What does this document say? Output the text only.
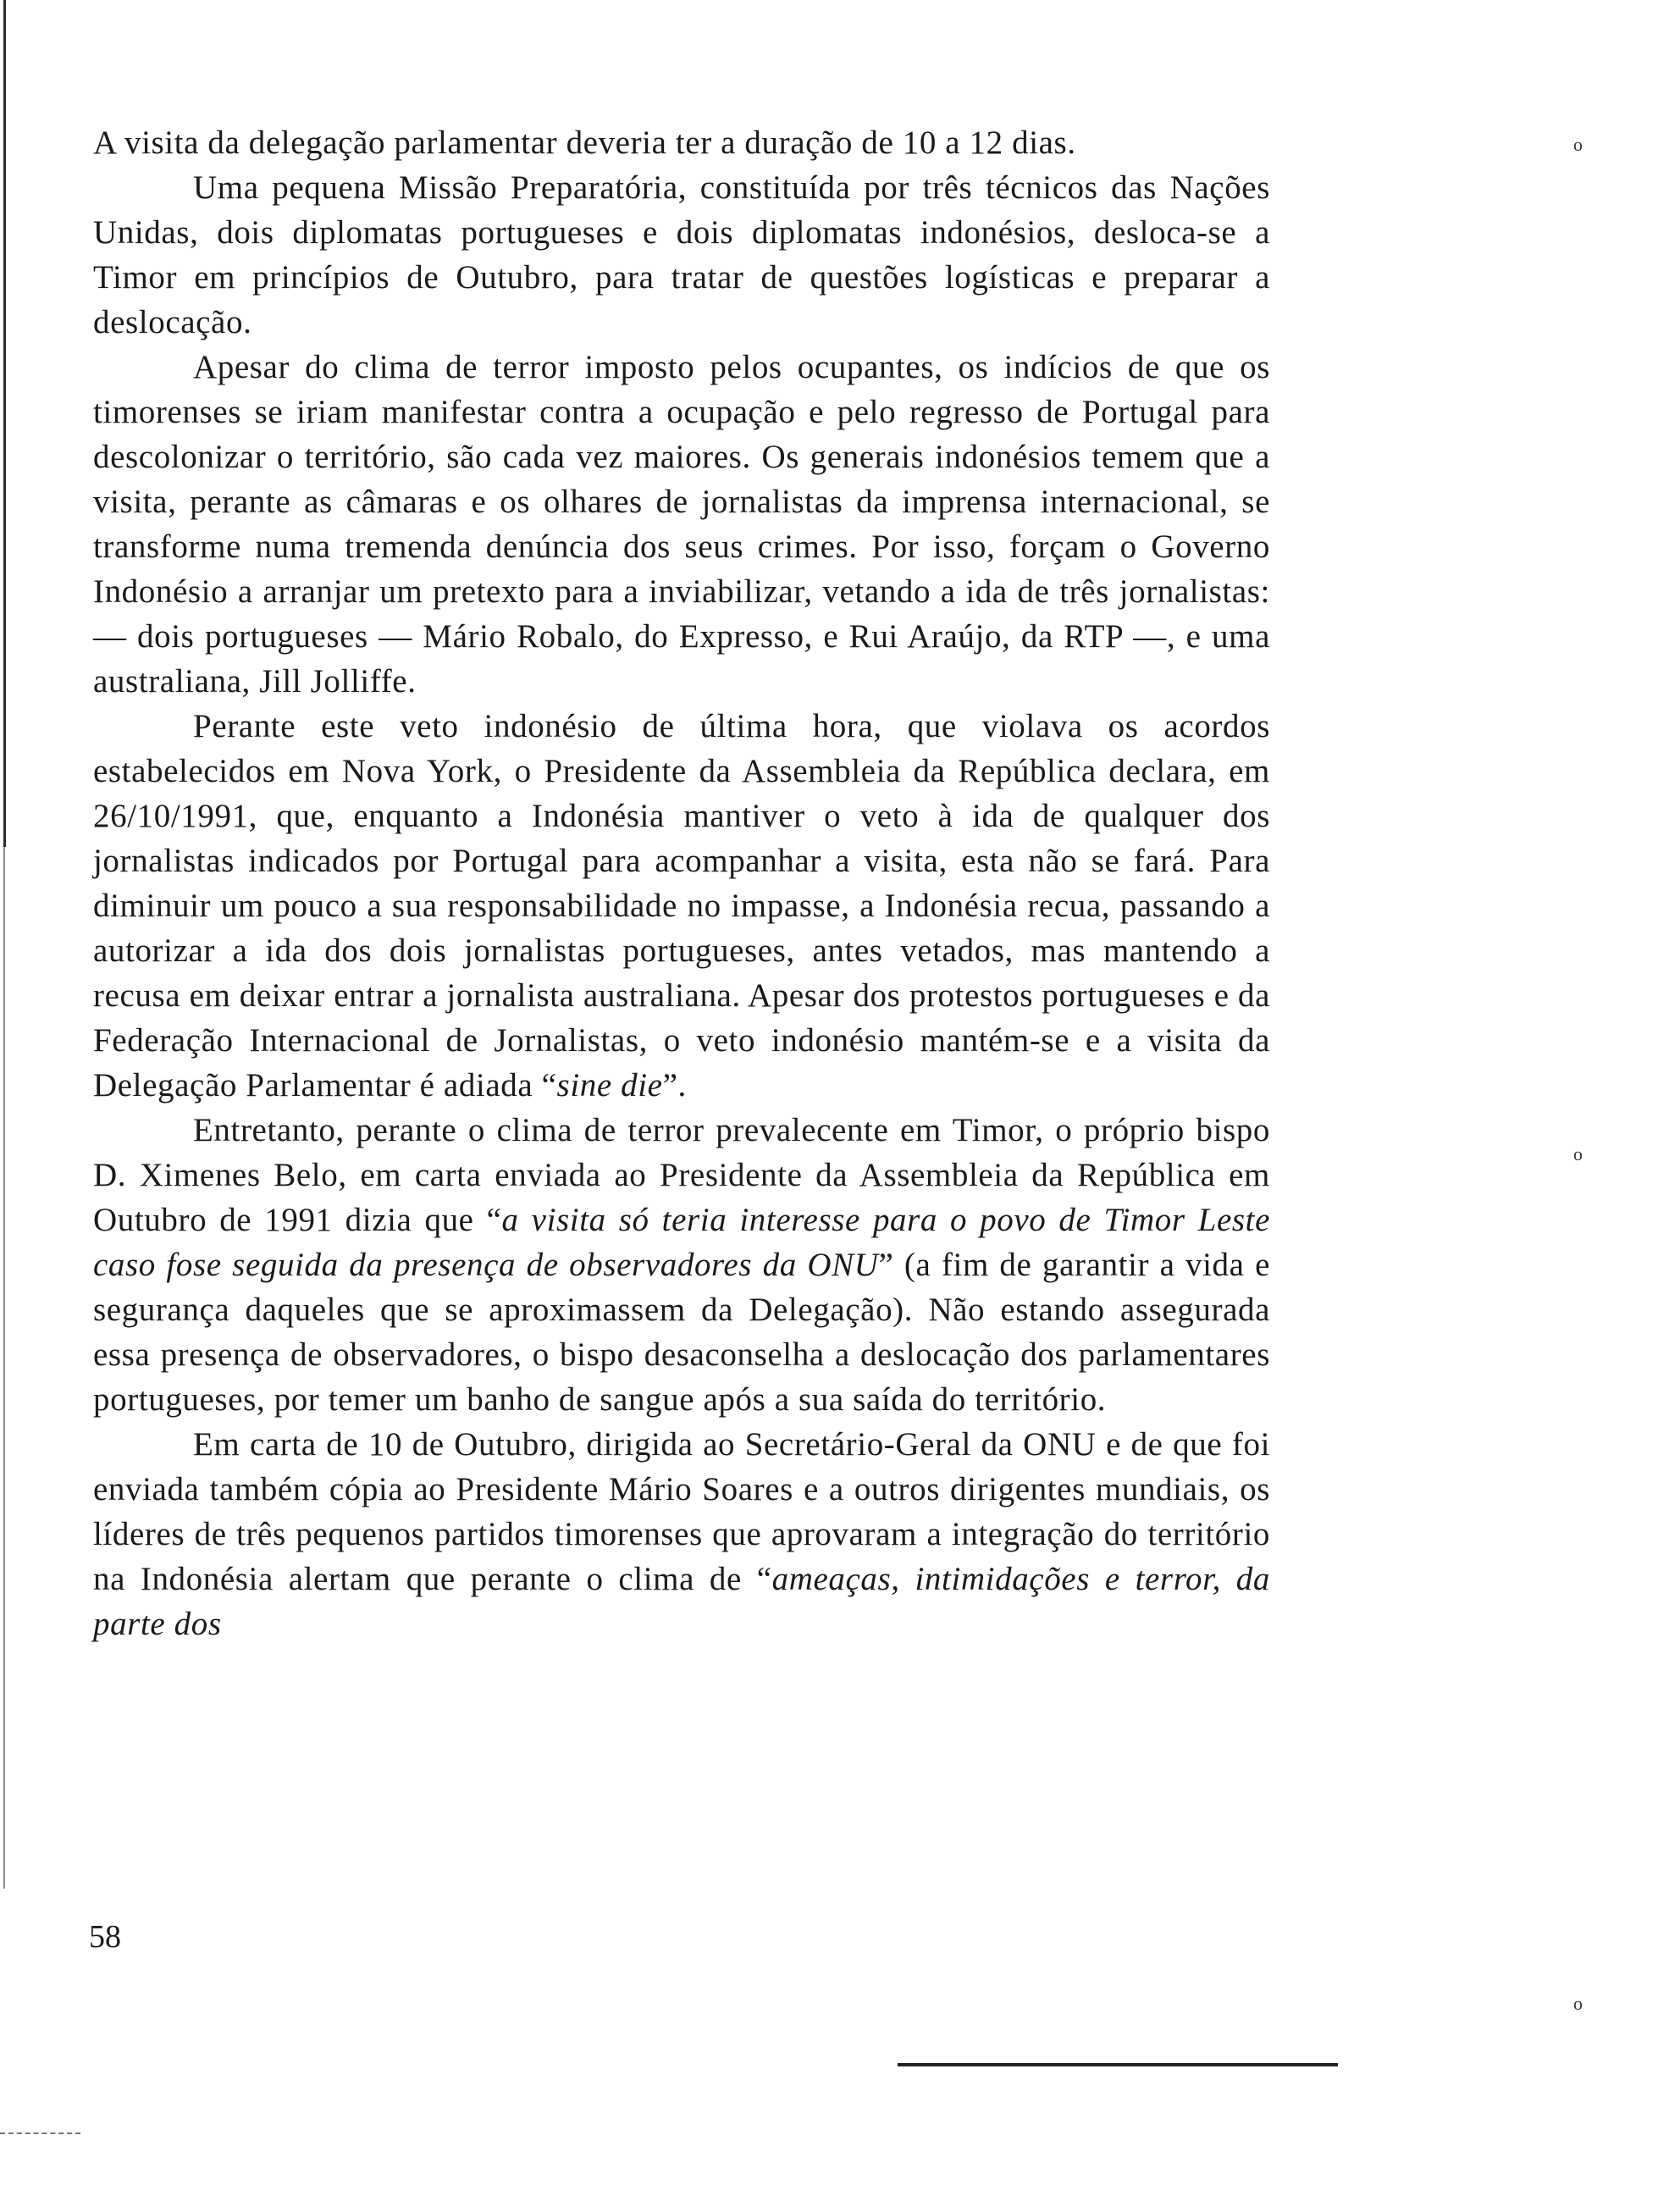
A visita da delegação parlamentar deveria ter a duração de 10 a 12 dias.

Uma pequena Missão Preparatória, constituída por três técnicos das Nações Unidas, dois diplomatas portugueses e dois diplomatas indonésios, desloca-se a Timor em princípios de Outubro, para tratar de questões logísticas e preparar a deslocação.

Apesar do clima de terror imposto pelos ocupantes, os indícios de que os timorenses se iriam manifestar contra a ocupação e pelo regresso de Portugal para descolonizar o território, são cada vez maiores. Os generais indonésios temem que a visita, perante as câmaras e os olhares de jornalistas da imprensa internacional, se transforme numa tremenda denúncia dos seus crimes. Por isso, forçam o Governo Indonésio a arranjar um pretexto para a inviabilizar, vetando a ida de três jornalistas: — dois portugueses — Mário Robalo, do Expresso, e Rui Araújo, da RTP —, e uma australiana, Jill Jolliffe.

Perante este veto indonésio de última hora, que violava os acordos estabelecidos em Nova York, o Presidente da Assembleia da República declara, em 26/10/1991, que, enquanto a Indonésia mantiver o veto à ida de qualquer dos jornalistas indicados por Portugal para acompanhar a visita, esta não se fará. Para diminuir um pouco a sua responsabilidade no impasse, a Indonésia recua, passando a autorizar a ida dos dois jornalistas portugueses, antes vetados, mas mantendo a recusa em deixar entrar a jornalista australiana. Apesar dos protestos portugueses e da Federação Internacional de Jornalistas, o veto indonésio mantém-se e a visita da Delegação Parlamentar é adiada “sine die”.

Entretanto, perante o clima de terror prevalecente em Timor, o próprio bispo D. Ximenes Belo, em carta enviada ao Presidente da Assembleia da República em Outubro de 1991 dizia que “a visita só teria interesse para o povo de Timor Leste caso fose seguida da presença de observadores da ONU” (a fim de garantir a vida e segurança daqueles que se aproximassem da Delegação). Não estando assegurada essa presença de observadores, o bispo desaconselha a deslocação dos parlamentares portugueses, por temer um banho de sangue após a sua saída do território.

Em carta de 10 de Outubro, dirigida ao Secretário-Geral da ONU e de que foi enviada também cópia ao Presidente Mário Soares e a outros dirigentes mundiais, os líderes de três pequenos partidos timorenses que aprovaram a integração do território na Indonésia alertam que perante o clima de “ameaças, intimidações e terror, da parte dos

58
o
o
o
